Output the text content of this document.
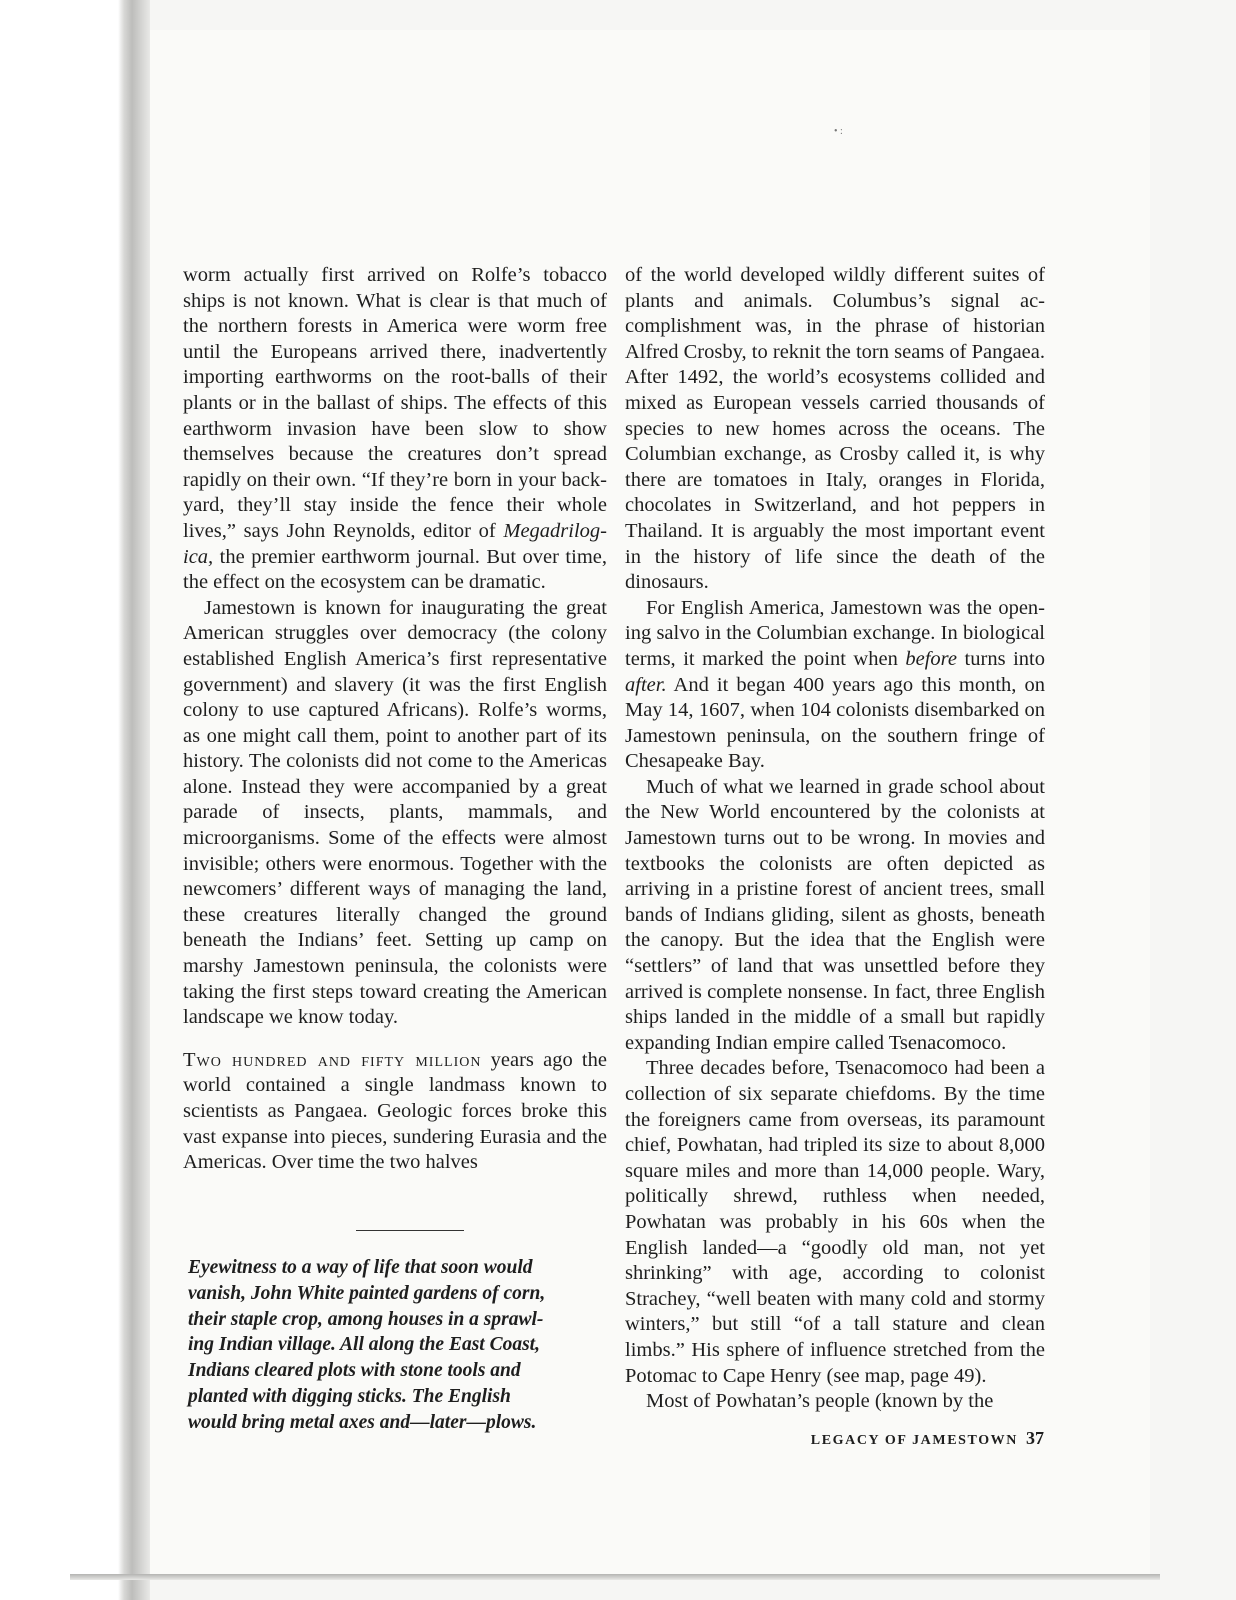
• :

worm actually first arrived on Rolfe’s tobacco ships is not known. What is clear is that much of the northern forests in America were worm free until the Europeans arrived there, inadvertently importing earthworms on the root-balls of their plants or in the ballast of ships. The effects of this earthworm invasion have been slow to show themselves because the creatures don’t spread rapidly on their own. “If they’re born in your backyard, they’ll stay inside the fence their whole lives,” says John Reynolds, editor of Megadrilogica, the premier earthworm journal. But over time, the effect on the ecosystem can be dramatic.

Jamestown is known for inaugurating the great American struggles over democracy (the colony established English America’s first representative government) and slavery (it was the first English colony to use captured Africans). Rolfe’s worms, as one might call them, point to another part of its history. The colonists did not come to the Americas alone. Instead they were accompanied by a great parade of insects, plants, mammals, and microorganisms. Some of the effects were almost invisible; others were enormous. Together with the newcomers’ different ways of managing the land, these creatures literally changed the ground beneath the Indians’ feet. Setting up camp on marshy Jamestown peninsula, the colonists were taking the first steps toward creating the American landscape we know today.

Two hundred and fifty million years ago the world contained a single landmass known to scientists as Pangaea. Geologic forces broke this vast expanse into pieces, sundering Eurasia and the Americas. Over time the two halves

Eyewitness to a way of life that soon would
vanish, John White painted gardens of corn,
their staple crop, among houses in a sprawl-
ing Indian village. All along the East Coast,
Indians cleared plots with stone tools and
planted with digging sticks. The English
would bring metal axes and—later—plows.

of the world developed wildly different suites of plants and animals. Columbus’s signal accomplishment was, in the phrase of historian Alfred Crosby, to reknit the torn seams of Pangaea. After 1492, the world’s ecosystems collided and mixed as European vessels carried thousands of species to new homes across the oceans. The Columbian exchange, as Crosby called it, is why there are tomatoes in Italy, oranges in Florida, chocolates in Switzerland, and hot peppers in Thailand. It is arguably the most important event in the history of life since the death of the dinosaurs.

For English America, Jamestown was the opening salvo in the Columbian exchange. In biological terms, it marked the point when before turns into after. And it began 400 years ago this month, on May 14, 1607, when 104 colonists disembarked on Jamestown peninsula, on the southern fringe of Chesapeake Bay.

Much of what we learned in grade school about the New World encountered by the colonists at Jamestown turns out to be wrong. In movies and textbooks the colonists are often depicted as arriving in a pristine forest of ancient trees, small bands of Indians gliding, silent as ghosts, beneath the canopy. But the idea that the English were “settlers” of land that was unsettled before they arrived is complete nonsense. In fact, three English ships landed in the middle of a small but rapidly expanding Indian empire called Tsenacomoco.

Three decades before, Tsenacomoco had been a collection of six separate chiefdoms. By the time the foreigners came from overseas, its paramount chief, Powhatan, had tripled its size to about 8,000 square miles and more than 14,000 people. Wary, politically shrewd, ruthless when needed, Powhatan was probably in his 60s when the English landed—a “goodly old man, not yet shrinking” with age, according to colonist Strachey, “well beaten with many cold and stormy winters,” but still “of a tall stature and clean limbs.” His sphere of influence stretched from the Potomac to Cape Henry (see map, page 49).

Most of Powhatan’s people (known by the

LEGACY OF JAMESTOWN 37
